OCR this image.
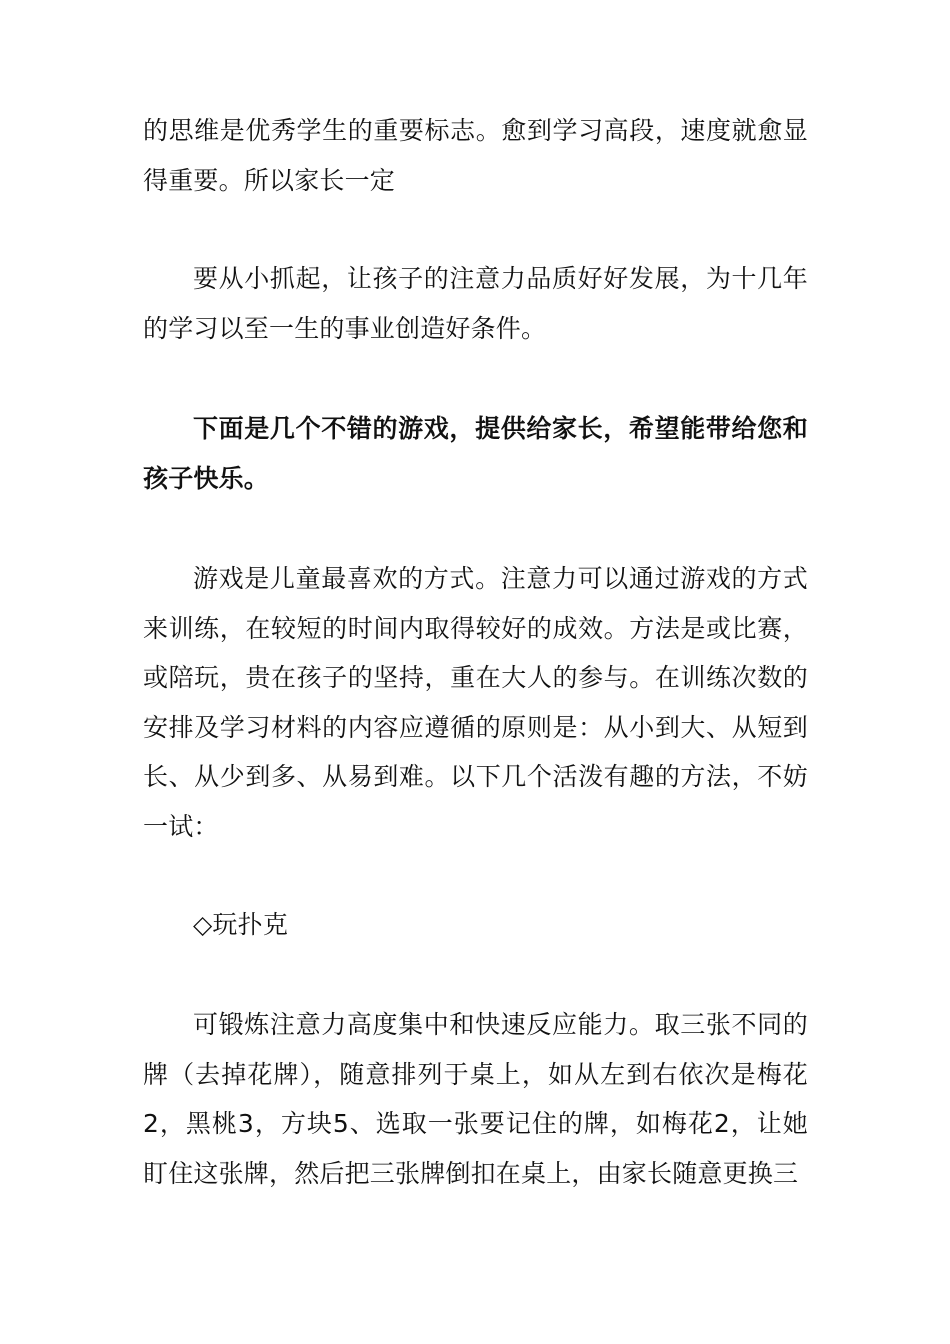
的思维是优秀学生的重要标志。愈到学习高段，速度就愈显得重要。所以家长一定

要从小抓起，让孩子的注意力品质好好发展，为十几年的学习以至一生的事业创造好条件。

下面是几个不错的游戏，提供给家长，希望能带给您和孩子快乐。

游戏是儿童最喜欢的方式。注意力可以通过游戏的方式来训练，在较短的时间内取得较好的成效。方法是或比赛，或陪玩，贵在孩子的坚持，重在大人的参与。在训练次数的安排及学习材料的内容应遵循的原则是：从小到大、从短到长、从少到多、从易到难。以下几个活泼有趣的方法，不妨一试：

◇玩扑克

可锻炼注意力高度集中和快速反应能力。取三张不同的牌（去掉花牌），随意排列于桌上，如从左到右依次是梅花2，黑桃3，方块5、选取一张要记住的牌，如梅花2，让她盯住这张牌，然后把三张牌倒扣在桌上，由家长随意更换三
